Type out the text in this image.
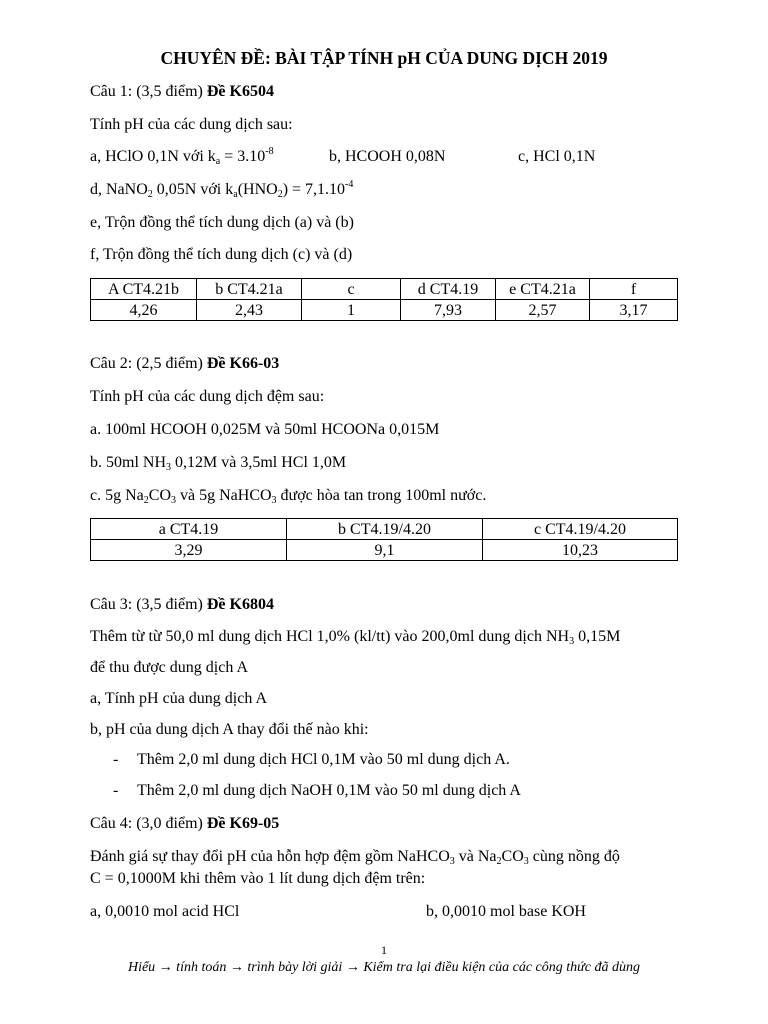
CHUYÊN ĐỀ: BÀI TẬP TÍNH pH CỦA DUNG DỊCH 2019
Câu 1: (3,5 điểm) Đề K6504
Tính pH của các dung dịch sau:
a, HClO 0,1N với $k_a = 3.10^{-8}$	b, HCOOH 0,08N	c, HCl 0,1N
d, NaNO$_2$ 0,05N với $k_a(HNO_2) = 7,1.10^{-4}$
e, Trộn đồng thể tích dung dịch (a) và (b)
f, Trộn đồng thể tích dung dịch (c) và (d)
A CT4.21b	b CT4.21a	c	d CT4.19	e CT4.21a	f
4,26	2,43	1	7,93	2,57	3,17
Câu 2: (2,5 điểm) Đề K66-03
Tính pH của các dung dịch đệm sau:
a. 100ml HCOOH 0,025M và 50ml HCOONa 0,015M
b. 50ml $NH_3$ 0,12M và 3,5ml HCl 1,0M
c. 5g $Na_2CO_3$ và 5g NaHCO$_3$ được hòa tan trong 100ml nước.
a CT4.19	b CT4.19/4.20	c CT4.19/4.20
3,29	9,1	10,23
Câu 3: (3,5 điểm) Đề K6804
Thêm từ từ 50,0 ml dung dịch HCl 1,0% (kl/tt) vào 200,0ml dung dịch $NH_3$ 0,15M
để thu được dung dịch A
a, Tính pH của dung dịch A
b, pH của dung dịch A thay đổi thế nào khi:
- Thêm 2,0 ml dung dịch HCl 0,1M vào 50 ml dung dịch A.
- Thêm 2,0 ml dung dịch NaOH 0,1M vào 50 ml dung dịch A
Câu 4: (3,0 điểm) Đề K69-05
Đánh giá sự thay đổi pH của hỗn hợp đệm gồm NaHCO$_3$ và $Na_2CO_3$ cùng nồng độ
C = 0,1000M khi thêm vào 1 lít dung dịch đệm trên:
a, 0,0010 mol acid HCl	b, 0,0010 mol base KOH
1
Hiểu → tính toán → trình bày lời giải → Kiểm tra lại điều kiện của các công thức đã dùng
